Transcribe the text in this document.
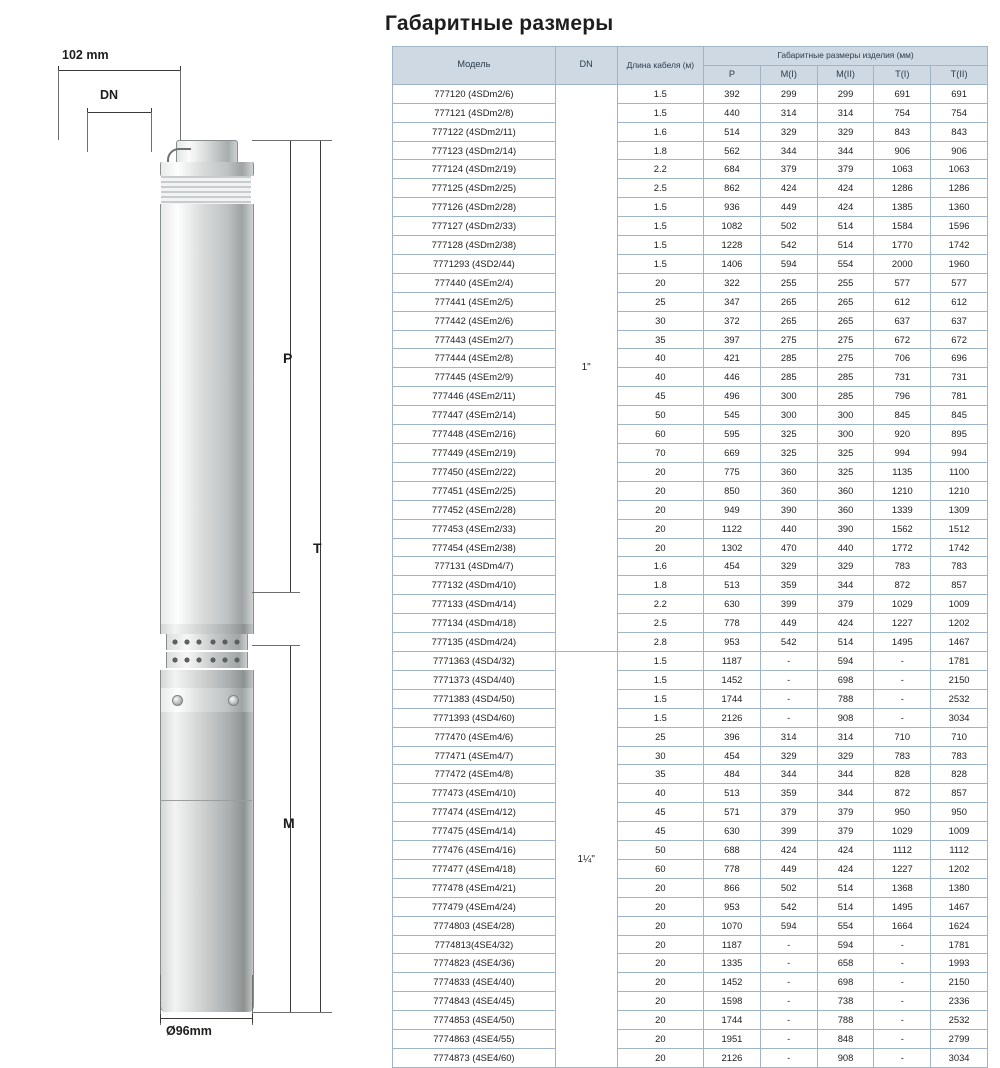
Габаритные размеры
102 mm
DN
P
T
M
Ø96mm
Модель	DN	Длина кабеля (м)	Габаритные размеры изделия (мм)				
			P	M(I)	M(II)	T(I)	T(II)
777120 (4SDm2/6)	1"	1.5	392	299	299	691	691
777121 (4SDm2/8)		1.5	440	314	314	754	754
777122 (4SDm2/11)		1.6	514	329	329	843	843
777123 (4SDm2/14)		1.8	562	344	344	906	906
777124 (4SDm2/19)		2.2	684	379	379	1063	1063
777125 (4SDm2/25)		2.5	862	424	424	1286	1286
777126 (4SDm2/28)		1.5	936	449	424	1385	1360
777127 (4SDm2/33)		1.5	1082	502	514	1584	1596
777128 (4SDm2/38)		1.5	1228	542	514	1770	1742
7771293 (4SD2/44)		1.5	1406	594	554	2000	1960
777440 (4SEm2/4)		20	322	255	255	577	577
777441 (4SEm2/5)		25	347	265	265	612	612
777442 (4SEm2/6)		30	372	265	265	637	637
777443 (4SEm2/7)		35	397	275	275	672	672
777444 (4SEm2/8)		40	421	285	275	706	696
777445 (4SEm2/9)		40	446	285	285	731	731
777446 (4SEm2/11)		45	496	300	285	796	781
777447 (4SEm2/14)		50	545	300	300	845	845
777448 (4SEm2/16)		60	595	325	300	920	895
777449 (4SEm2/19)		70	669	325	325	994	994
777450 (4SEm2/22)		20	775	360	325	1135	1100
777451 (4SEm2/25)		20	850	360	360	1210	1210
777452 (4SEm2/28)		20	949	390	360	1339	1309
777453 (4SEm2/33)		20	1122	440	390	1562	1512
777454 (4SEm2/38)		20	1302	470	440	1772	1742
777131 (4SDm4/7)		1.6	454	329	329	783	783
777132 (4SDm4/10)		1.8	513	359	344	872	857
777133 (4SDm4/14)		2.2	630	399	379	1029	1009
777134 (4SDm4/18)		2.5	778	449	424	1227	1202
777135 (4SDm4/24)		2.8	953	542	514	1495	1467
7771363 (4SD4/32)	1¼"	1.5	1187	-	594	-	1781
7771373 (4SD4/40)		1.5	1452	-	698	-	2150
7771383 (4SD4/50)		1.5	1744	-	788	-	2532
7771393 (4SD4/60)		1.5	2126	-	908	-	3034
777470 (4SEm4/6)		25	396	314	314	710	710
777471 (4SEm4/7)		30	454	329	329	783	783
777472 (4SEm4/8)		35	484	344	344	828	828
777473 (4SEm4/10)		40	513	359	344	872	857
777474 (4SEm4/12)		45	571	379	379	950	950
777475 (4SEm4/14)		45	630	399	379	1029	1009
777476 (4SEm4/16)		50	688	424	424	1112	1112
777477 (4SEm4/18)		60	778	449	424	1227	1202
777478 (4SEm4/21)		20	866	502	514	1368	1380
777479 (4SEm4/24)		20	953	542	514	1495	1467
7774803 (4SE4/28)		20	1070	594	554	1664	1624
7774813(4SE4/32)		20	1187	-	594	-	1781
7774823 (4SE4/36)		20	1335	-	658	-	1993
7774833 (4SE4/40)		20	1452	-	698	-	2150
7774843 (4SE4/45)		20	1598	-	738	-	2336
7774853 (4SE4/50)		20	1744	-	788	-	2532
7774863 (4SE4/55)		20	1951	-	848	-	2799
7774873 (4SE4/60)		20	2126	-	908	-	3034
